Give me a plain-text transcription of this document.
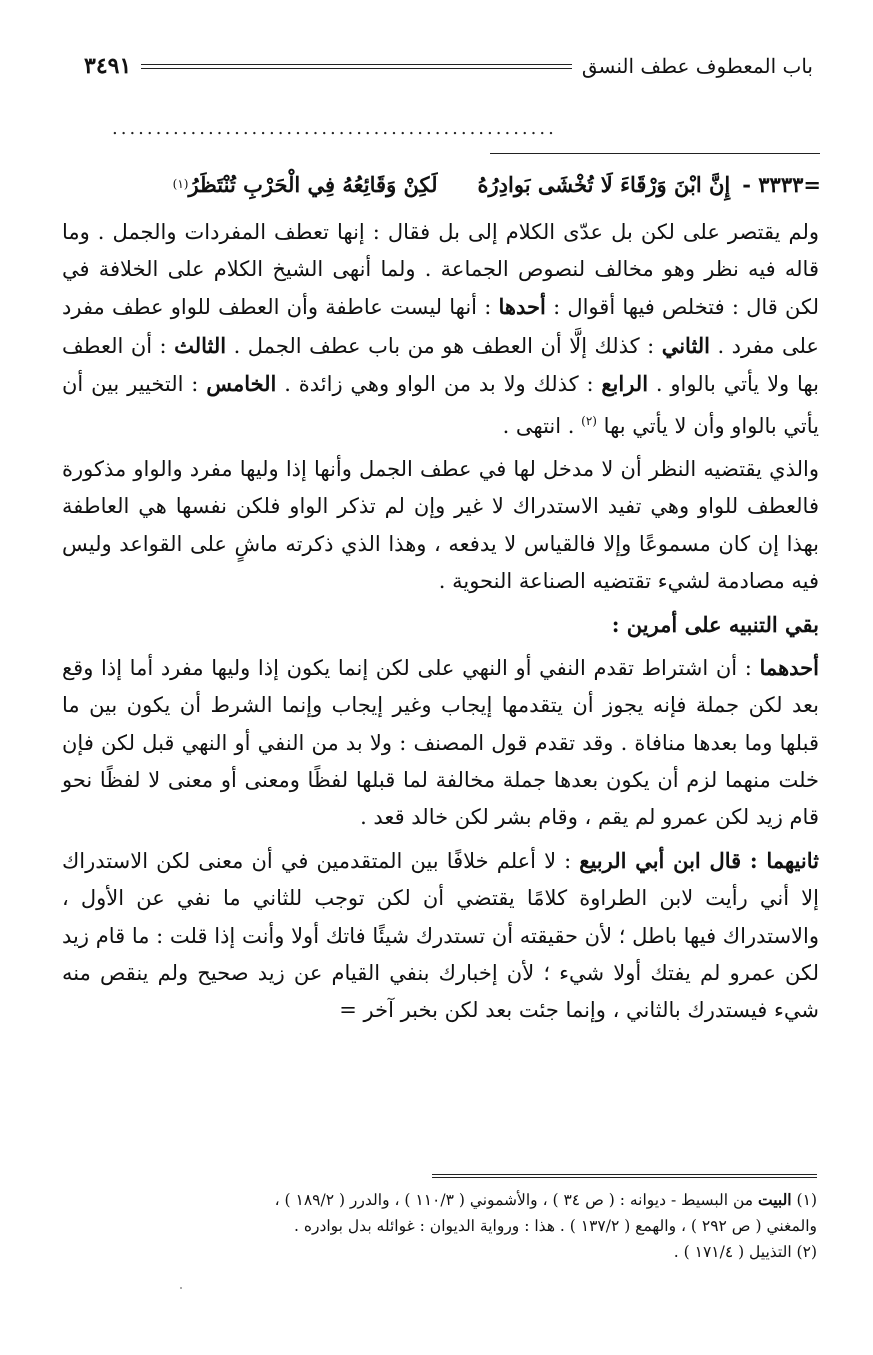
باب المعطوف عطف النسق
٣٤٩١
...................................................
=
٣٣٣٣ -
إِنَّ ابْنَ وَرْقَاءَ لَا تُخْشَى بَوادِرُهُ
لَكِنْ وَقَائِعُهُ فِي الْحَرْبِ تُنْتَظَرُ
(١)

ولم يقتصر على لكن بل عدّى الكلام إلى بل فقال : إنها تعطف المفردات والجمل . وما قاله فيه نظر وهو مخالف لنصوص الجماعة . ولما أنهى الشيخ الكلام على الخلافة في لكن قال : فتخلص فيها أقوال : أحدها : أنها ليست عاطفة وأن العطف للواو عطف مفرد على مفرد . الثاني : كذلك إلَّا أن العطف هو من باب عطف الجمل . الثالث : أن العطف بها ولا يأتي بالواو . الرابع : كذلك ولا بد من الواو وهي زائدة . الخامس : التخيير بين أن يأتي بالواو وأن لا يأتي بها $^{(٢)}$ . انتهى .

والذي يقتضيه النظر أن لا مدخل لها في عطف الجمل وأنها إذا وليها مفرد والواو مذكورة فالعطف للواو وهي تفيد الاستدراك لا غير وإن لم تذكر الواو فلكن نفسها هي العاطفة بهذا إن كان مسموعًا وإلا فالقياس لا يدفعه ، وهذا الذي ذكرته ماشٍ على القواعد وليس فيه مصادمة لشيء تقتضيه الصناعة النحوية .

بقي التنبيه على أمرين :

أحدهما : أن اشتراط تقدم النفي أو النهي على لكن إنما يكون إذا وليها مفرد أما إذا وقع بعد لكن جملة فإنه يجوز أن يتقدمها إيجاب وغير إيجاب وإنما الشرط أن يكون بين ما قبلها وما بعدها منافاة . وقد تقدم قول المصنف : ولا بد من النفي أو النهي قبل لكن فإن خلت منهما لزم أن يكون بعدها جملة مخالفة لما قبلها لفظًا ومعنى أو معنى لا لفظًا نحو قام زيد لكن عمرو لم يقم ، وقام بشر لكن خالد قعد .

ثانيهما : قال ابن أبي الربيع : لا أعلم خلافًا بين المتقدمين في أن معنى لكن الاستدراك إلا أني رأيت لابن الطراوة كلامًا يقتضي أن لكن توجب للثاني ما نفي عن الأول ، والاستدراك فيها باطل ؛ لأن حقيقته أن تستدرك شيئًا فاتك أولا وأنت إذا قلت : ما قام زيد لكن عمرو لم يفتك أولا شيء ؛ لأن إخبارك بنفي القيام عن زيد صحيح ولم ينقص منه شيء فيستدرك بالثاني ، وإنما جئت بعد لكن بخبر آخر =

(١) البيت من البسيط - ديوانه : ( ص ٣٤ ) ، والأشموني ( ١١٠/٣ ) ، والدرر ( ١٨٩/٢ ) ،

والمغني ( ص ٢٩٢ ) ، والهمع ( ١٣٧/٢ ) . هذا : ورواية الديوان : غوائله بدل بوادره .

(٢) التذييل ( ١٧١/٤ ) .
